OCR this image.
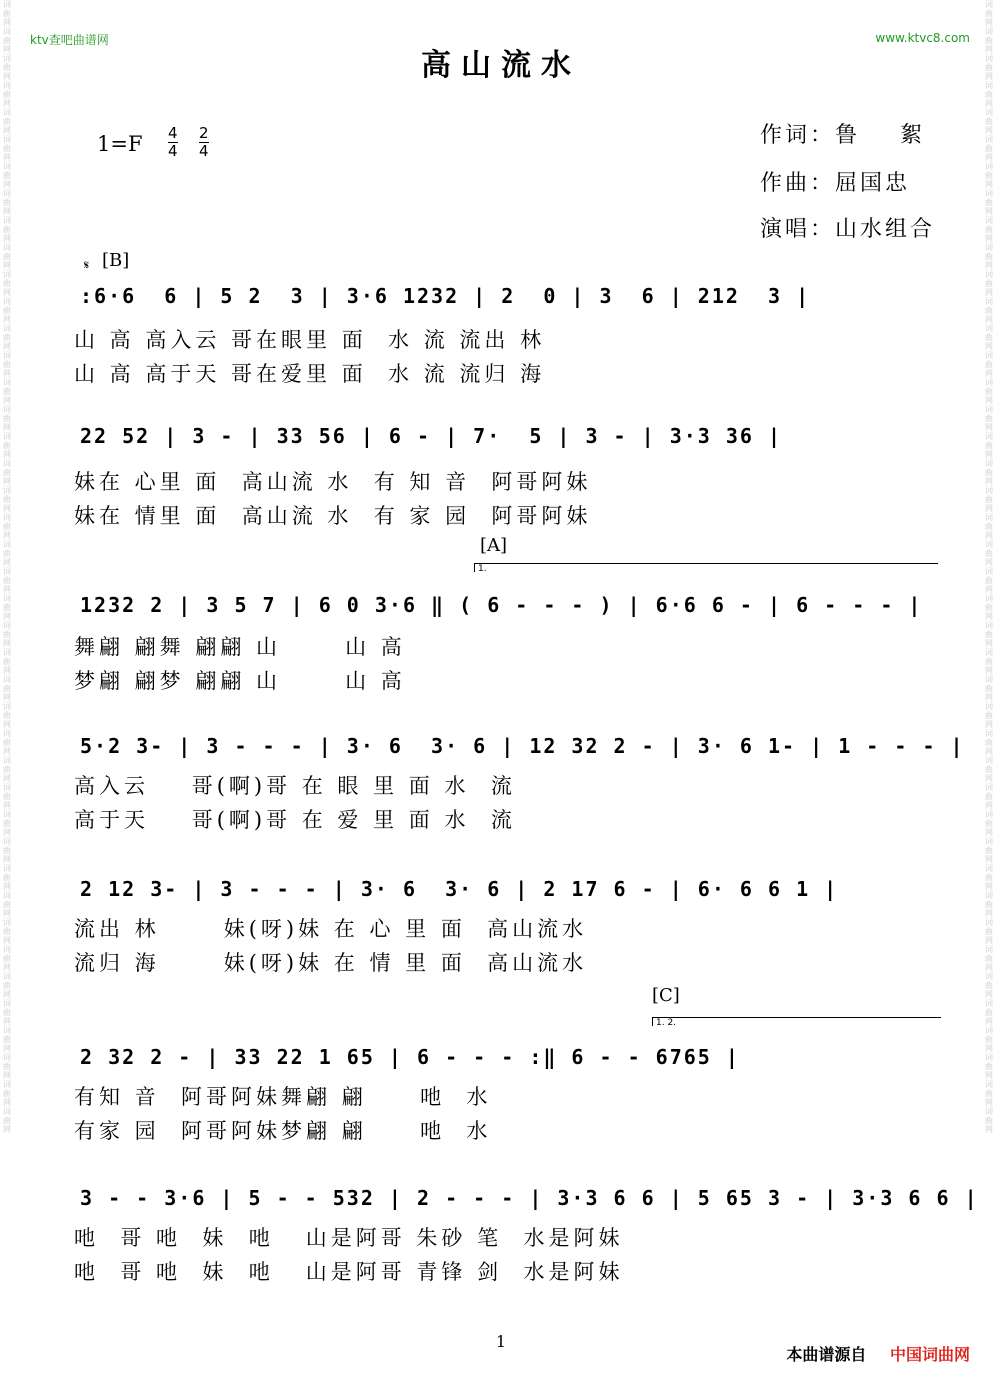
词曲网词曲网词曲网词曲网词曲网词曲网词曲网词曲网词曲网词曲网词曲网词曲网词曲网词曲网词曲网词曲网词曲网词曲网词曲网词曲网词曲网词曲网词曲网词曲网词曲网词曲网词曲网词曲网词曲网词曲网词曲网词曲网词曲网词曲网词曲网词曲网词曲网词曲网词曲网词曲网词曲网词曲网
词曲网词曲网词曲网词曲网词曲网词曲网词曲网词曲网词曲网词曲网词曲网词曲网词曲网词曲网词曲网词曲网词曲网词曲网词曲网词曲网词曲网词曲网词曲网词曲网词曲网词曲网词曲网词曲网词曲网词曲网词曲网词曲网词曲网词曲网词曲网词曲网词曲网词曲网词曲网词曲网词曲网词曲网
ktv查吧曲谱网	www.ktvc8.com
高山流水
$1=F \frac{4}{4} \frac{2}{4}$	作词：鲁    絮
作曲：屈国忠
演唱：山水组合
𝄋 [B]
:6·6  6 | 5 2  3 | 3·6 1232 | 2  0 | 3  6 | 212  3 |
山 高 高入云 哥在眼里 面  水 流 流出 林
山 高 高于天 哥在爱里 面  水 流 流归 海
22 52 | 3 - | 33 56 | 6 - | 7·  5 | 3 - | 3·3 36 |
妹在 心里 面  高山流 水  有 知 音  阿哥阿妹
妹在 情里 面  高山流 水  有 家 园  阿哥阿妹
[A]
1.
1232 2 | 3 5 7 | 6 0 3·6 ‖ ( 6 - - - ) | 6·6 6 - | 6 - - - |
舞翩 翩舞 翩翩 山      山 高
梦翩 翩梦 翩翩 山      山 高
5·2 3- | 3 - - - | 3· 6  3· 6 | 12 32 2 - | 3· 6 1- | 1 - - - |
高入云    哥(啊)哥 在 眼 里 面 水  流
高于天    哥(啊)哥 在 爱 里 面 水  流
2 12 3- | 3 - - - | 3· 6  3· 6 | 2 17 6 - | 6· 6 6 1 |
流出 林      妹(呀)妹 在 心 里 面  高山流水
流归 海      妹(呀)妹 在 情 里 面  高山流水
[C]
1. 2.
2 32 2 - | 33 22 1 65 | 6 - - - :‖ 6 - - 6765 |
有知 音  阿哥阿妹舞翩 翩     吔  水
有家 园  阿哥阿妹梦翩 翩     吔  水
3 - - 3·6 | 5 - - 532 | 2 - - - | 3·3 6 6 | 5 65 3 - | 3·3 6 6 |
吔  哥 吔  妹  吔   山是阿哥 朱砂 笔  水是阿妹
吔  哥 吔  妹  吔   山是阿哥 青锋 剑  水是阿妹
1
本曲谱源自 中国词曲网
